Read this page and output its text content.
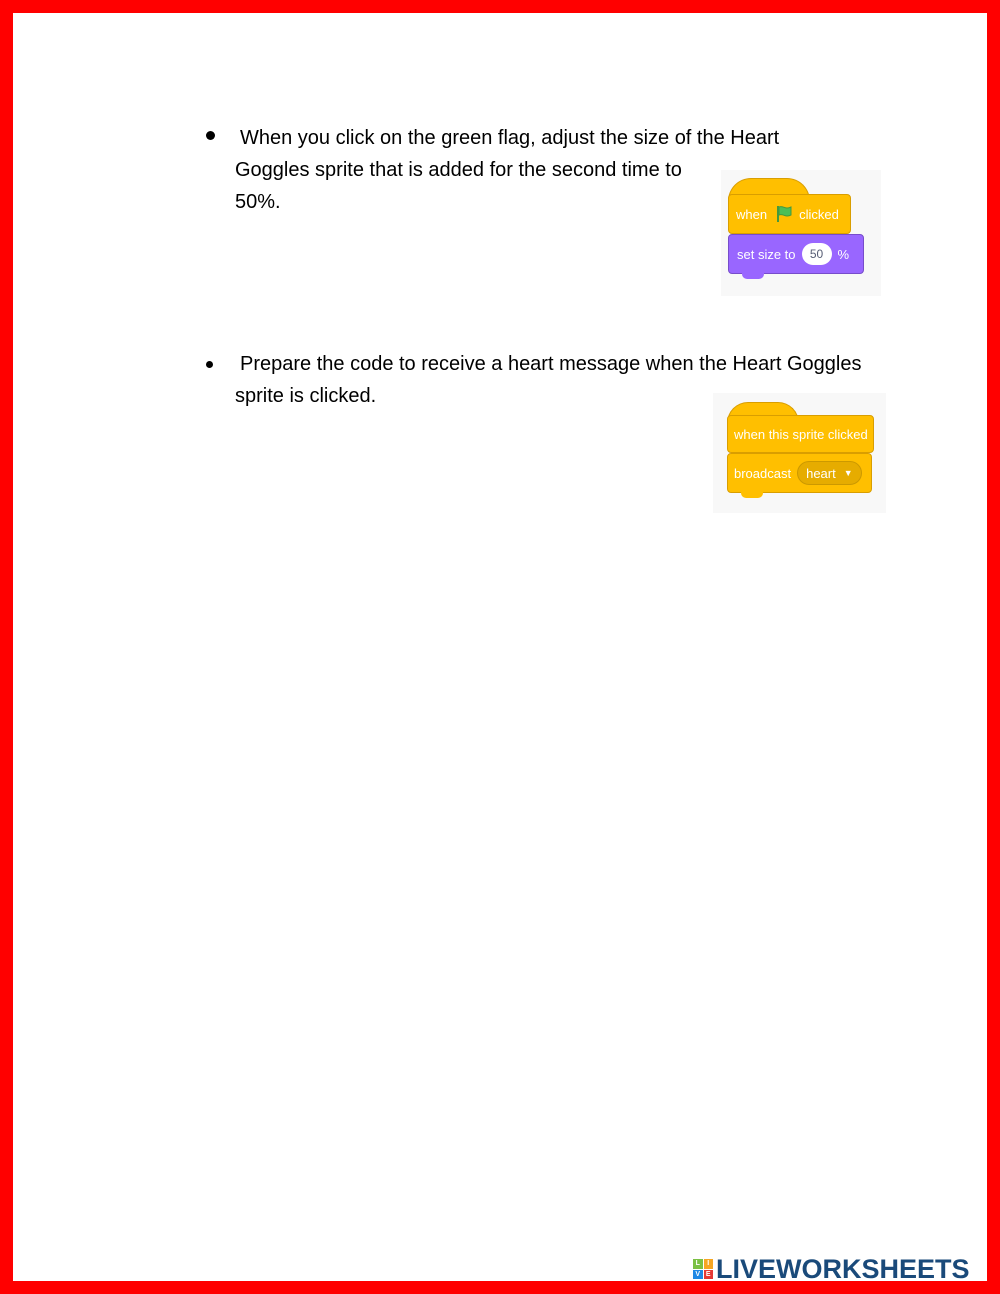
When you click on the green flag, adjust the size of the Heart
Goggles sprite that is added for the second time to
50%.
when clicked
set size to	50	%
Prepare the code to receive a heart message when the Heart Goggles
sprite is clicked.
when this sprite clicked
broadcast heart ▼
L	I
V E LIVEWORKSHEETS
